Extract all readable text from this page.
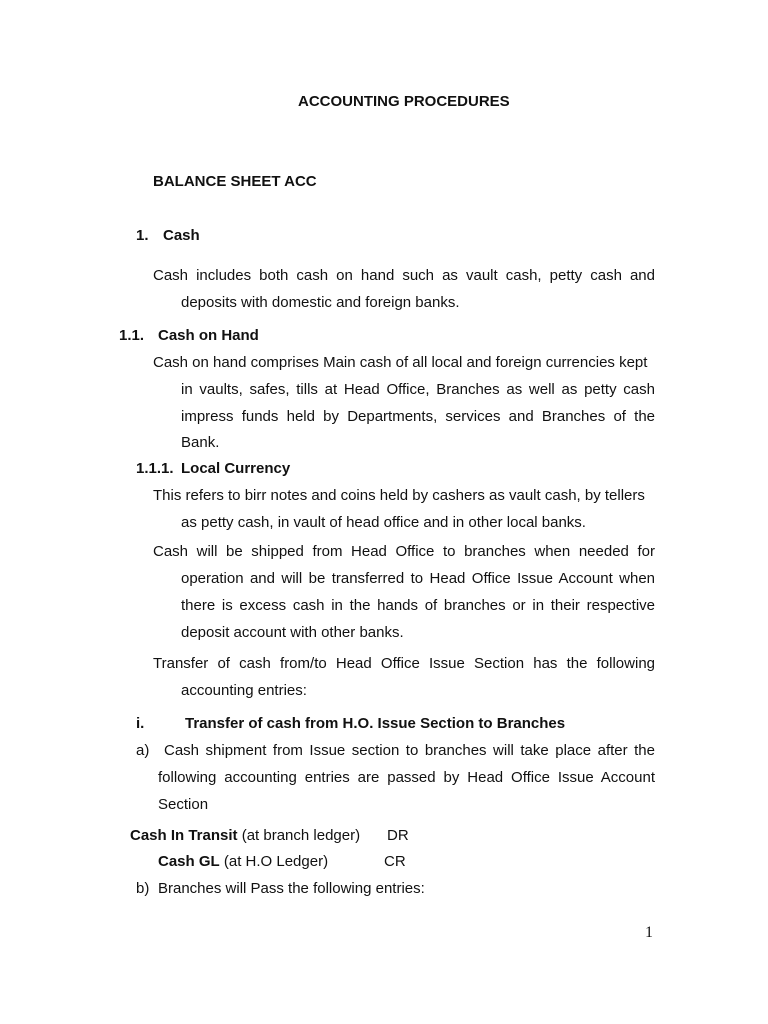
ACCOUNTING PROCEDURES
BALANCE SHEET ACC
1. Cash
Cash includes both cash on hand such as vault cash, petty cash and
deposits with domestic and foreign banks.
1.1. Cash on Hand
Cash on hand comprises Main cash of all local and foreign currencies kept
in vaults, safes, tills at Head Office, Branches as well as petty cash
impress funds held by Departments, services and Branches of the
Bank.
1.1.1. Local Currency
This refers to birr notes and coins held by cashers as vault cash, by tellers
as petty cash, in vault of head office and in other local banks.
Cash will be shipped from Head Office to branches when needed for
operation and will be transferred to Head Office Issue Account when
there is excess cash in the hands of branches or in their respective
deposit account with other banks.
Transfer of cash from/to Head Office Issue Section has the following
accounting entries:
i.	Transfer of cash from H.O. Issue Section to Branches
a) Cash shipment from Issue section to branches will take place after the
following accounting entries are passed by Head Office Issue Account
Section
Cash In Transit (at branch ledger) DR
Cash GL (at H.O Ledger)	CR
b) Branches will Pass the following entries:
1
